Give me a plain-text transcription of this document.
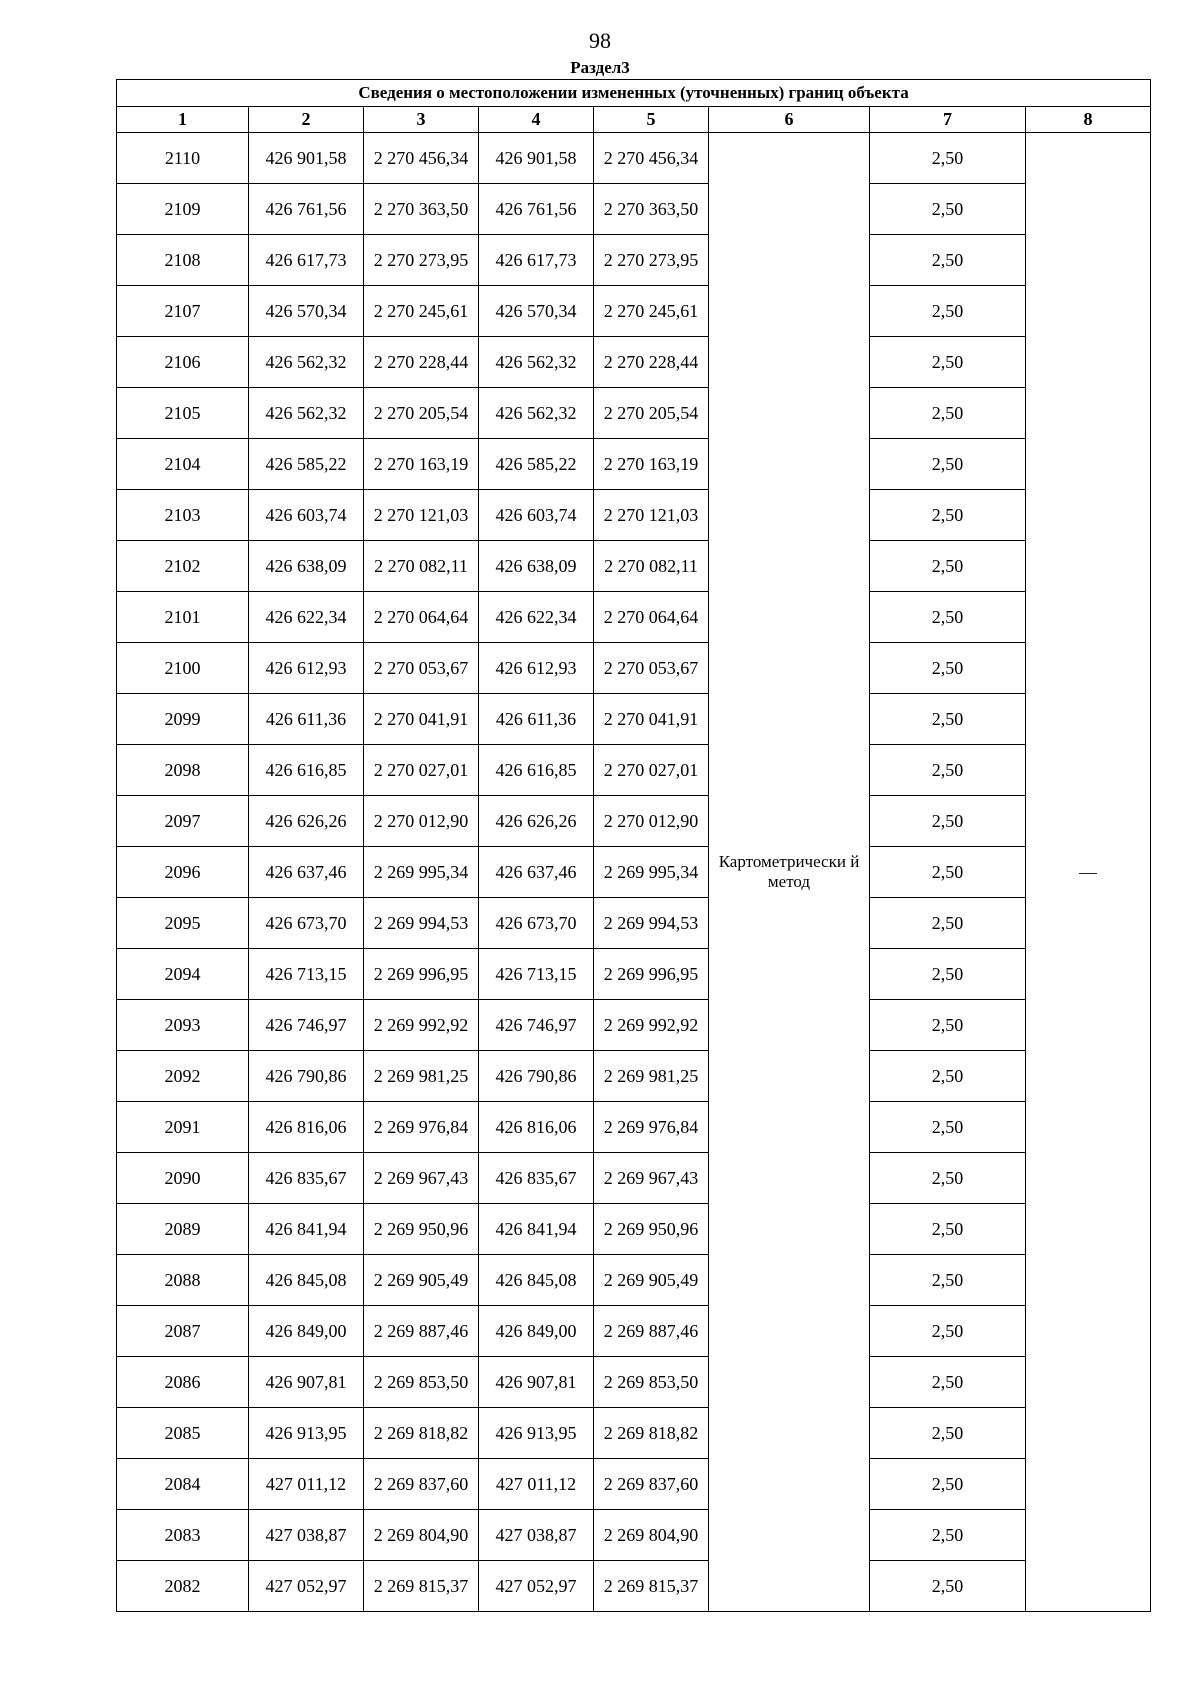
98
Раздел3
Сведения о местоположении измененных (уточненных) границ объекта							
1	2	3	4	5	6	7	8
2110	426 901,58	2 270 456,34	426 901,58	2 270 456,34	Картометрически й метод	2,50	—
2109	426 761,56	2 270 363,50	426 761,56	2 270 363,50		2,50	
2108	426 617,73	2 270 273,95	426 617,73	2 270 273,95		2,50	
2107	426 570,34	2 270 245,61	426 570,34	2 270 245,61		2,50	
2106	426 562,32	2 270 228,44	426 562,32	2 270 228,44		2,50	
2105	426 562,32	2 270 205,54	426 562,32	2 270 205,54		2,50	
2104	426 585,22	2 270 163,19	426 585,22	2 270 163,19		2,50	
2103	426 603,74	2 270 121,03	426 603,74	2 270 121,03		2,50	
2102	426 638,09	2 270 082,11	426 638,09	2 270 082,11		2,50	
2101	426 622,34	2 270 064,64	426 622,34	2 270 064,64		2,50	
2100	426 612,93	2 270 053,67	426 612,93	2 270 053,67		2,50	
2099	426 611,36	2 270 041,91	426 611,36	2 270 041,91		2,50	
2098	426 616,85	2 270 027,01	426 616,85	2 270 027,01		2,50	
2097	426 626,26	2 270 012,90	426 626,26	2 270 012,90		2,50	
2096	426 637,46	2 269 995,34	426 637,46	2 269 995,34		2,50	
2095	426 673,70	2 269 994,53	426 673,70	2 269 994,53		2,50	
2094	426 713,15	2 269 996,95	426 713,15	2 269 996,95		2,50	
2093	426 746,97	2 269 992,92	426 746,97	2 269 992,92		2,50	
2092	426 790,86	2 269 981,25	426 790,86	2 269 981,25		2,50	
2091	426 816,06	2 269 976,84	426 816,06	2 269 976,84		2,50	
2090	426 835,67	2 269 967,43	426 835,67	2 269 967,43		2,50	
2089	426 841,94	2 269 950,96	426 841,94	2 269 950,96		2,50	
2088	426 845,08	2 269 905,49	426 845,08	2 269 905,49		2,50	
2087	426 849,00	2 269 887,46	426 849,00	2 269 887,46		2,50	
2086	426 907,81	2 269 853,50	426 907,81	2 269 853,50		2,50	
2085	426 913,95	2 269 818,82	426 913,95	2 269 818,82		2,50	
2084	427 011,12	2 269 837,60	427 011,12	2 269 837,60		2,50	
2083	427 038,87	2 269 804,90	427 038,87	2 269 804,90		2,50	
2082	427 052,97	2 269 815,37	427 052,97	2 269 815,37		2,50	
